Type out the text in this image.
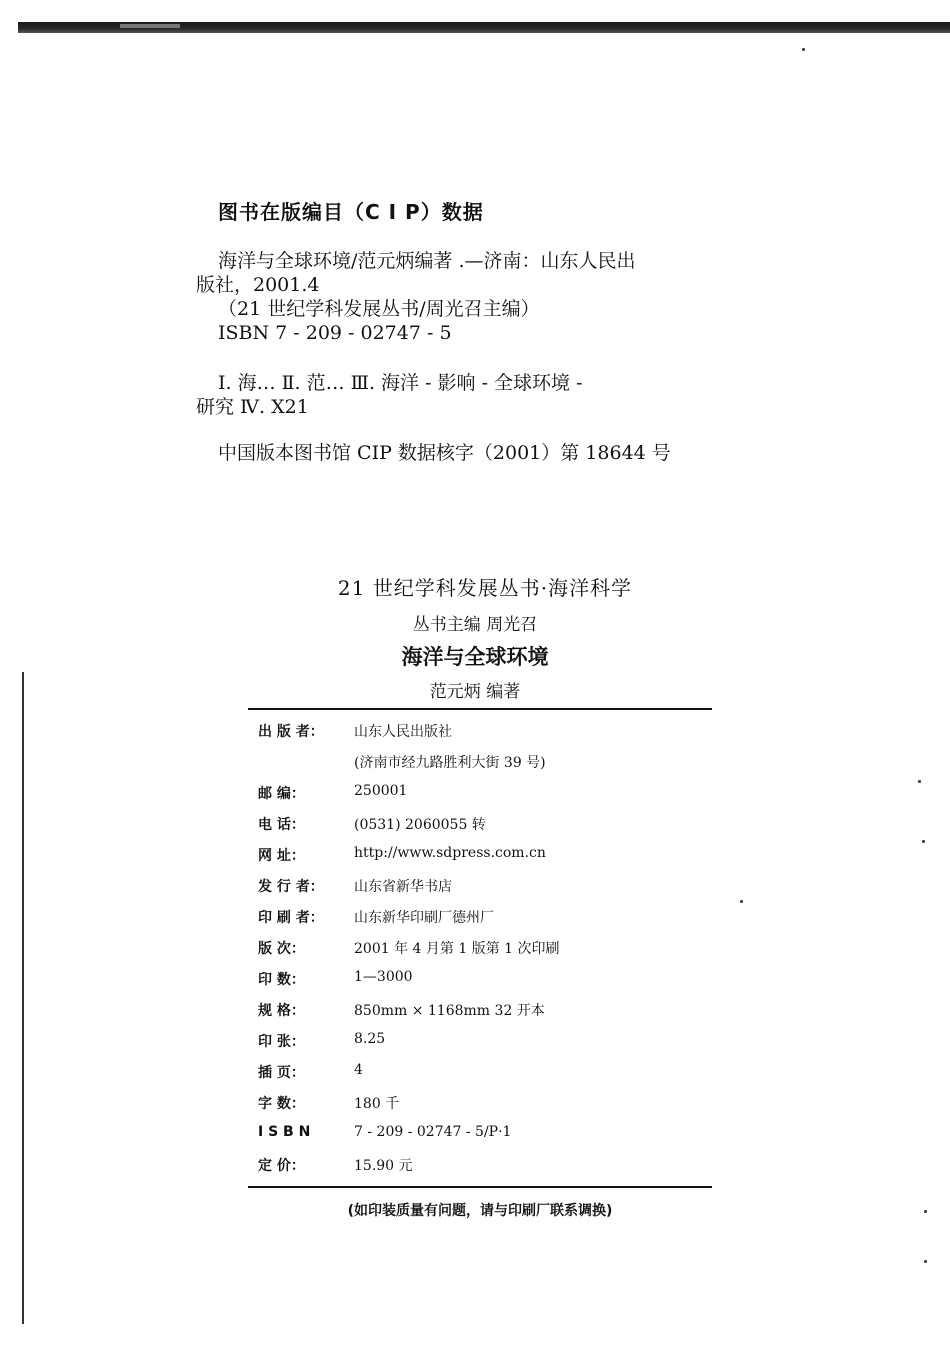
图书在版编目（C I P）数据
海洋与全球环境/范元炳编著 .—济南：山东人民出
版社，2001.4
（21 世纪学科发展丛书/周光召主编）
ISBN 7 - 209 - 02747 - 5
Ⅰ. 海… Ⅱ. 范… Ⅲ. 海洋 - 影响 - 全球环境 -
研究 Ⅳ. X21
中国版本图书馆 CIP 数据核字（2001）第 18644 号
21 世纪学科发展丛书·海洋科学
丛书主编 周光召
海洋与全球环境
范元炳 编著
出 版 者：	山东人民出版社
(济南市经九路胜利大街 39 号)
邮 编：	250001
电 话：	(0531) 2060055 转
网 址：	http://www.sdpress.com.cn
发 行 者：	山东省新华书店
印 刷 者：	山东新华印刷厂德州厂
版 次：	2001 年 4 月第 1 版第 1 次印刷
印 数：	1—3000
规 格：	850mm × 1168mm 32 开本
印 张：	8.25
插 页：	4
字 数：	180 千
I S B N	7 - 209 - 02747 - 5/P·1
定 价：	15.90 元
(如印装质量有问题，请与印刷厂联系调换)
